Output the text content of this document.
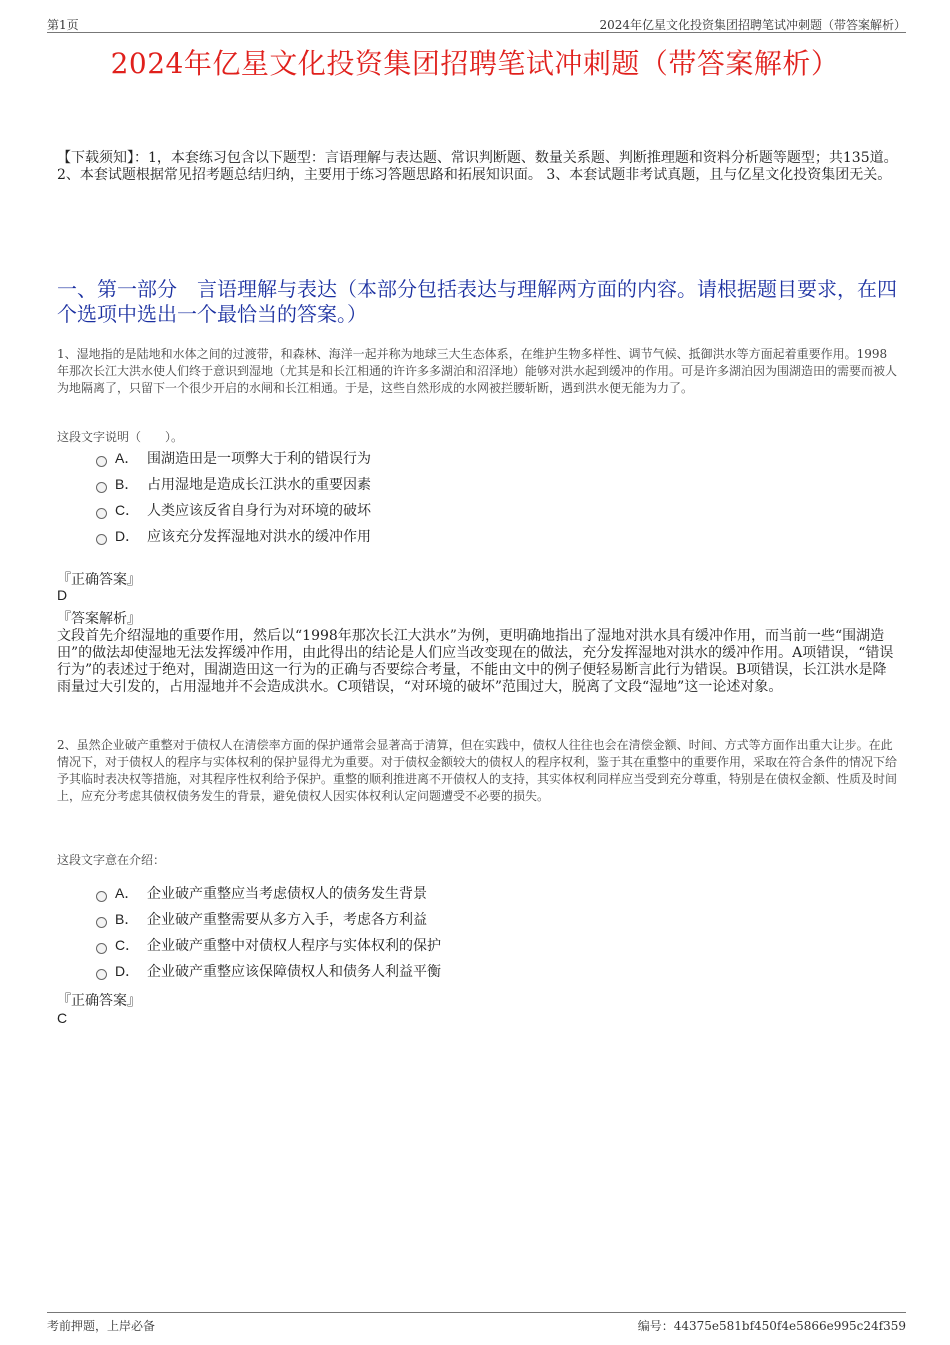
第1页	2024年亿星文化投资集团招聘笔试冲刺题（带答案解析）
2024年亿星文化投资集团招聘笔试冲刺题（带答案解析）
【下载须知】：1，本套练习包含以下题型：言语理解与表达题、常识判断题、数量关系题、判断推理题和资料分析题等题型；共135道。 2、本套试题根据常见招考题总结归纳，主要用于练习答题思路和拓展知识面。 3、本套试题非考试真题，且与亿星文化投资集团无关。
一、第一部分　言语理解与表达（本部分包括表达与理解两方面的内容。请根据题目要求，在四个选项中选出一个最恰当的答案。）
1、湿地指的是陆地和水体之间的过渡带，和森林、海洋一起并称为地球三大生态体系，在维护生物多样性、调节气候、抵御洪水等方面起着重要作用。1998年那次长江大洪水使人们终于意识到湿地（尤其是和长江相通的许许多多湖泊和沼泽地）能够对洪水起到缓冲的作用。可是许多湖泊因为围湖造田的需要而被人为地隔离了，只留下一个很少开启的水闸和长江相通。于是，这些自然形成的水网被拦腰斩断，遇到洪水便无能为力了。
这段文字说明（　　）。
A． 围湖造田是一项弊大于利的错误行为
B． 占用湿地是造成长江洪水的重要因素
C． 人类应该反省自身行为对环境的破坏
D． 应该充分发挥湿地对洪水的缓冲作用
『正确答案』
D
『答案解析』
文段首先介绍湿地的重要作用，然后以“1998年那次长江大洪水”为例，更明确地指出了湿地对洪水具有缓冲作用，而当前一些“围湖造田”的做法却使湿地无法发挥缓冲作用，由此得出的结论是人们应当改变现在的做法，充分发挥湿地对洪水的缓冲作用。A项错误，“错误行为”的表述过于绝对，围湖造田这一行为的正确与否要综合考量，不能由文中的例子便轻易断言此行为错误。B项错误，长江洪水是降雨量过大引发的，占用湿地并不会造成洪水。C项错误，“对环境的破坏”范围过大，脱离了文段“湿地”这一论述对象。
2、虽然企业破产重整对于债权人在清偿率方面的保护通常会显著高于清算，但在实践中，债权人往往也会在清偿金额、时间、方式等方面作出重大让步。在此情况下，对于债权人的程序与实体权利的保护显得尤为重要。对于债权金额较大的债权人的程序权利，鉴于其在重整中的重要作用，采取在符合条件的情况下给予其临时表决权等措施，对其程序性权利给予保护。重整的顺利推进离不开债权人的支持，其实体权利同样应当受到充分尊重，特别是在债权金额、性质及时间上，应充分考虑其债权债务发生的背景，避免债权人因实体权利认定问题遭受不必要的损失。
这段文字意在介绍：
A． 企业破产重整应当考虑债权人的债务发生背景
B． 企业破产重整需要从多方入手，考虑各方利益
C． 企业破产重整中对债权人程序与实体权利的保护
D． 企业破产重整应该保障债权人和债务人利益平衡
『正确答案』
C
考前押题，上岸必备	编号：44375e581bf450f4e5866e995c24f359
